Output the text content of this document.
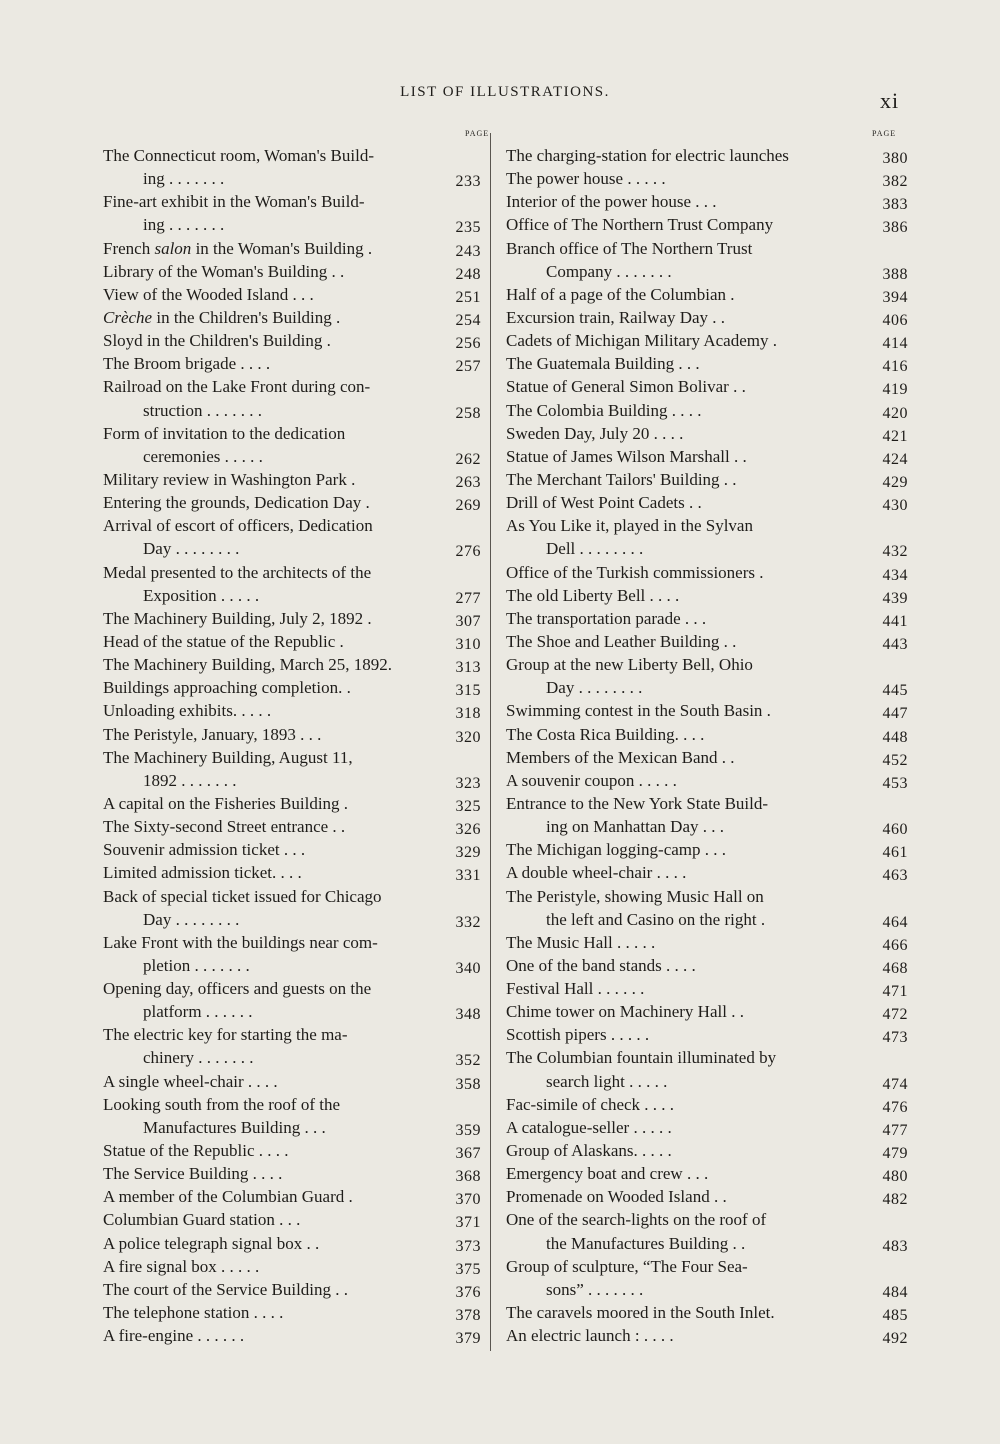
LIST OF ILLUSTRATIONS.	xi
PAGE
The Connecticut room, Woman's Build-
ing . . . . . . .	233
Fine-art exhibit in the Woman's Build-
ing . . . . . . .	235
French salon in the Woman's Building .	243
Library of the Woman's Building . .	248
View of the Wooded Island . . .	251
Crèche in the Children's Building .	254
Sloyd in the Children's Building .	256
The Broom brigade . . . .	257
Railroad on the Lake Front during con-
struction . . . . . . .	258
Form of invitation to the dedication
ceremonies . . . . .	262
Military review in Washington Park .	263
Entering the grounds, Dedication Day .	269
Arrival of escort of officers, Dedication
Day . . . . . . . .	276
Medal presented to the architects of the
Exposition . . . . .	277
The Machinery Building, July 2, 1892 .	307
Head of the statue of the Republic .	310
The Machinery Building, March 25, 1892.	313
Buildings approaching completion. .	315
Unloading exhibits. . . . .	318
The Peristyle, January, 1893 . . .	320
The Machinery Building, August 11,
1892 . . . . . . .	323
A capital on the Fisheries Building .	325
The Sixty-second Street entrance . .	326
Souvenir admission ticket . . .	329
Limited admission ticket. . . .	331
Back of special ticket issued for Chicago
Day . . . . . . . .	332
Lake Front with the buildings near com-
pletion . . . . . . .	340
Opening day, officers and guests on the
platform . . . . . .	348
The electric key for starting the ma-
chinery . . . . . . .	352
A single wheel-chair . . . .	358
Looking south from the roof of the
Manufactures Building . . .	359
Statue of the Republic . . . .	367
The Service Building . . . .	368
A member of the Columbian Guard .	370
Columbian Guard station . . .	371
A police telegraph signal box . .	373
A fire signal box . . . . .	375
The court of the Service Building . .	376
The telephone station . . . .	378
A fire-engine . . . . . .	379
PAGE
The charging-station for electric launches	380
The power house . . . . .	382
Interior of the power house . . .	383
Office of The Northern Trust Company	386
Branch office of The Northern Trust
Company . . . . . . .	388
Half of a page of the Columbian .	394
Excursion train, Railway Day . .	406
Cadets of Michigan Military Academy .	414
The Guatemala Building . . .	416
Statue of General Simon Bolivar . .	419
The Colombia Building . . . .	420
Sweden Day, July 20 . . . .	421
Statue of James Wilson Marshall . .	424
The Merchant Tailors' Building . .	429
Drill of West Point Cadets . .	430
As You Like it, played in the Sylvan
Dell . . . . . . . .	432
Office of the Turkish commissioners .	434
The old Liberty Bell . . . .	439
The transportation parade . . .	441
The Shoe and Leather Building . .	443
Group at the new Liberty Bell, Ohio
Day . . . . . . . .	445
Swimming contest in the South Basin .	447
The Costa Rica Building. . . .	448
Members of the Mexican Band . .	452
A souvenir coupon . . . . .	453
Entrance to the New York State Build-
ing on Manhattan Day . . .	460
The Michigan logging-camp . . .	461
A double wheel-chair . . . .	463
The Peristyle, showing Music Hall on
the left and Casino on the right .	464
The Music Hall . . . . .	466
One of the band stands . . . .	468
Festival Hall . . . . . .	471
Chime tower on Machinery Hall . .	472
Scottish pipers . . . . .	473
The Columbian fountain illuminated by
search light . . . . .	474
Fac-simile of check . . . .	476
A catalogue-seller . . . . .	477
Group of Alaskans. . . . .	479
Emergency boat and crew . . .	480
Promenade on Wooded Island . .	482
One of the search-lights on the roof of
the Manufactures Building . .	483
Group of sculpture, “The Four Sea-
sons” . . . . . . .	484
The caravels moored in the South Inlet.	485
An electric launch : . . . .	492
